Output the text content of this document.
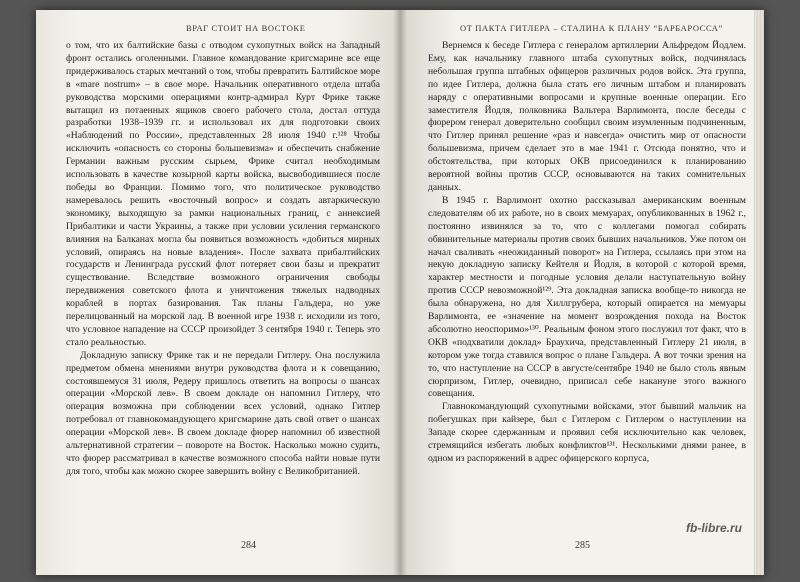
ВРАГ СТОИТ НА ВОСТОКЕ

о том, что их балтийские базы с отводом сухопутных войск на Западный фронт остались оголенными. Главное командование кригсмарине все еще придерживалось старых мечтаний о том, чтобы превратить Балтийское море в «mare nostrum» – в свое море. Начальник оперативного отдела штаба руководства морскими операциями контр-адмирал Курт Фрике также вытащил из потаенных ящиков своего рабочего стола, достал оттуда разработки 1938–1939 гг. и использовал их для подготовки своих «Наблюдений по России», представленных 28 июля 1940 г.¹²⁸ Чтобы исключить «опасность со стороны большевизма» и обеспечить снабжение Германии важным русским сырьем, Фрике считал необходимым использовать в качестве козырной карты войска, высвободившиеся после победы во Франции. Помимо того, что политическое руководство намеревалось решить «восточный вопрос» и создать автаркическую экономику, выходящую за рамки национальных границ, с аннексией Прибалтики и части Украины, а также при условии усиления германского влияния на Балканах могла бы появиться возможность «добиться мирных условий, опираясь на новые владения». После захвата прибалтийских государств и Ленинграда русский флот потеряет свои базы и прекратит существование. Вследствие возможного ограничения свободы передвижения советского флота и уничтожения тяжелых надводных кораблей в портах базирования. Так планы Гальдера, но уже перелицованный на морской лад. В военной игре 1938 г. исходили из того, что условное нападение на СССР произойдет 3 сентября 1940 г. Теперь это стало реальностью.

Докладную записку Фрике так и не передали Гитлеру. Она послужила предметом обмена мнениями внутри руководства флота и к совещанию, состоявшемуся 31 июля, Редеру пришлось ответить на вопросы о шансах операции «Морской лев». В своем докладе он напомнил Гитлеру, что операция возможна при соблюдении всех условий, однако Гитлер потребовал от главнокомандующего кригсмарине дать свой ответ о шансах операции «Морской лев». В своем докладе фюрер напомнил об известной альтернативной стратегии – повороте на Восток. Насколько можно судить, что фюрер рассматривал в качестве возможного способа найти новые пути для того, чтобы как можно скорее завершить войну с Великобританией.

284
ОТ ПАКТА ГИТЛЕРА – СТАЛИНА К ПЛАНУ “БАРБАРОССА”

Вернемся к беседе Гитлера с генералом артиллерии Альфредом Йодлем. Ему, как начальнику главного штаба сухопутных войск, подчинялась небольшая группа штабных офицеров различных родов войск. Эта группа, по идее Гитлера, должна была стать его личным штабом и планировать наряду с оперативными вопросами и крупные военные операции. Его заместителя Йодля, полковника Вальтера Варлимонта, после беседы с фюрером генерал доверительно сообщил своим изумленным подчиненным, что Гитлер принял решение «раз и навсегда» очистить мир от опасности большевизма, причем сделает это в мае 1941 г. Отсюда понятно, что и обстоятельства, при которых ОКВ присоединился к планированию вероятной войны против СССР, основываются на таких сомнительных данных.

В 1945 г. Варлимонт охотно рассказывал американским военным следователям об их работе, но в своих мемуарах, опубликованных в 1962 г., постоянно извинялся за то, что с коллегами помогал собирать обвинительные материалы против своих бывших начальников. Уже потом он начал сваливать «неожиданный поворот» на Гитлера, ссылаясь при этом на некую докладную записку Кейтеля и Йодля, в которой с которой время, характер местности и погодные условия делали наступательную войну против СССР невозможной¹²⁹. Эта докладная записка вообще-то никогда не была обнаружена, но для Хиллгрубера, который опирается на мемуары Варлимонта, ее «значение на момент возрождения похода на Восток абсолютно неоспоримо»¹³⁰. Реальным фоном этого послужил тот факт, что в ОКВ «подхватили доклад» Браухича, представленный Гитлеру 21 июля, в котором уже тогда ставился вопрос о плане Гальдера. А вот точки зрения на то, что наступление на СССР в августе/сентябре 1940 не было столь явным сюрпризом, Гитлер, очевидно, приписал себе накануне этого важного совещания.

Главнокомандующий сухопутными войсками, этот бывший мальчик на побегушках при кайзере, был с Гитлером с Гитлером о наступлении на Западе скорее сдержанным и проявил себя исключительно как человек, стремящийся избегать любых конфликтов¹³¹. Несколькими днями ранее, в одном из распоряжений в адрес офицерского корпуса,

285
fb-libre.ru
